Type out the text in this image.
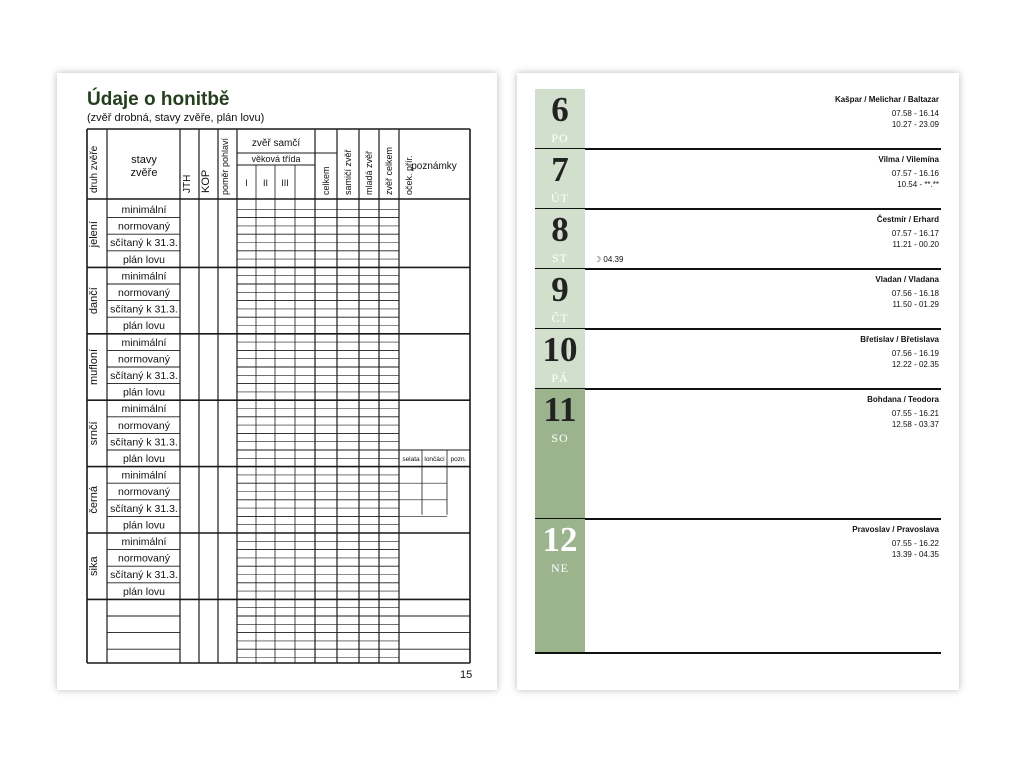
Údaje o honitbě
(zvěř drobná, stavy zvěře, plán lovu)
druh zvěře	stavy
zvěře
JTH KOP poměr pohlaví zvěř samčí
věková třída
I II III	celkem samičí zvěř mladá zvěř zvěř celkem oček. přír.
poznámky
minimální
normovaný
sčítaný k 31.3.
plán lovu
jelení
minimální
normovaný
sčítaný k 31.3.
plán lovu
dančí
minimální
normovaný
sčítaný k 31.3.
plán lovu
mufloní
minimální
normovaný
sčítaný k 31.3.
plán lovu
srnčí
minimální
normovaný
sčítaný k 31.3.
plán lovu
černá
minimální
normovaný
sčítaný k 31.3.
plán lovu
sika
selata lončáci pozn.
15
6
PO
Kašpar / Melichar / Baltazar
07.58 - 16.14
10.27 - 23.09
7
ÚT
Vilma / Vilemína
07.57 - 16.16
10.54 - **.**
8
ST
Čestmír / Erhard
07.57 - 16.17
11.21 - 00.20
☽ 04.39
9
ČT
Vladan / Vladana
07.56 - 16.18
11.50 - 01.29
10
PÁ
Břetislav / Břetislava
07.56 - 16.19
12.22 - 02.35
11
SO
Bohdana / Teodora
07.55 - 16.21
12.58 - 03.37
12
NE
Pravoslav / Pravoslava
07.55 - 16.22
13.39 - 04.35
